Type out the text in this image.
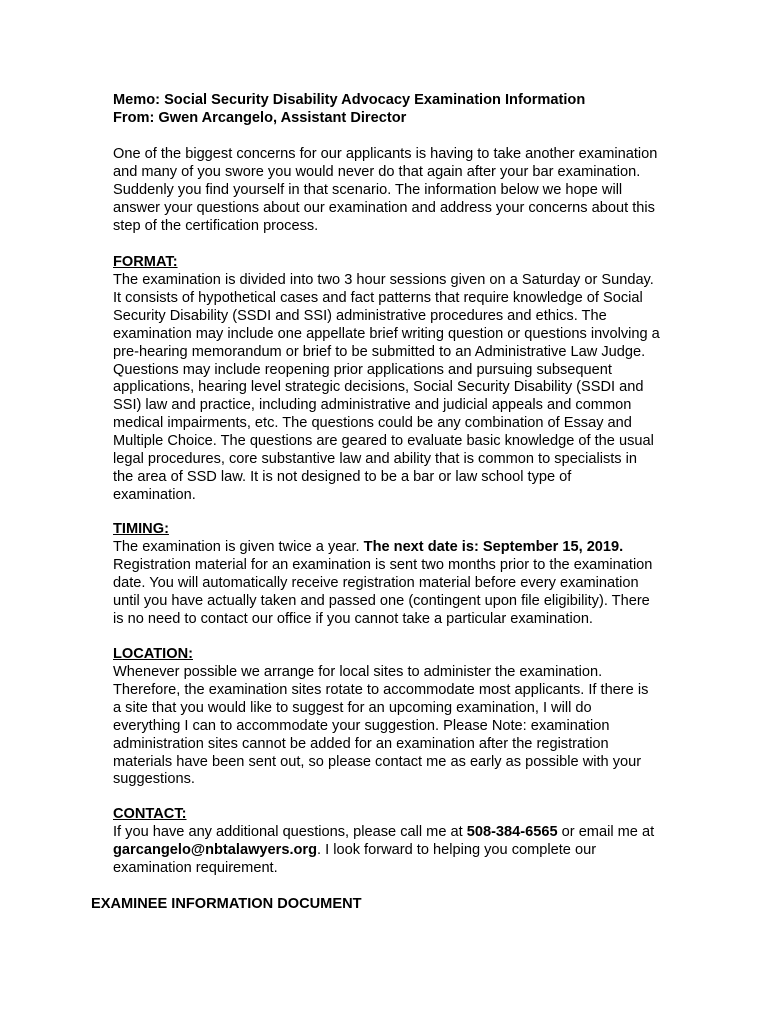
Memo: Social Security Disability Advocacy Examination Information
From: Gwen Arcangelo, Assistant Director
One of the biggest concerns for our applicants is having to take another examination
and many of you swore you would never do that again after your bar examination.
Suddenly you find yourself in that scenario. The information below we hope will
answer your questions about our examination and address your concerns about this
step of the certification process.
FORMAT:
The examination is divided into two 3 hour sessions given on a Saturday or Sunday.
It consists of hypothetical cases and fact patterns that require knowledge of Social
Security Disability (SSDI and SSI) administrative procedures and ethics. The
examination may include one appellate brief writing question or questions involving a
pre-hearing memorandum or brief to be submitted to an Administrative Law Judge.
Questions may include reopening prior applications and pursuing subsequent
applications, hearing level strategic decisions, Social Security Disability (SSDI and
SSI) law and practice, including administrative and judicial appeals and common
medical impairments, etc. The questions could be any combination of Essay and
Multiple Choice. The questions are geared to evaluate basic knowledge of the usual
legal procedures, core substantive law and ability that is common to specialists in
the area of SSD law. It is not designed to be a bar or law school type of
examination.
TIMING:
The examination is given twice a year. The next date is: September 15, 2019.
Registration material for an examination is sent two months prior to the examination
date. You will automatically receive registration material before every examination
until you have actually taken and passed one (contingent upon file eligibility). There
is no need to contact our office if you cannot take a particular examination.
LOCATION:
Whenever possible we arrange for local sites to administer the examination.
Therefore, the examination sites rotate to accommodate most applicants. If there is
a site that you would like to suggest for an upcoming examination, I will do
everything I can to accommodate your suggestion. Please Note: examination
administration sites cannot be added for an examination after the registration
materials have been sent out, so please contact me as early as possible with your
suggestions.
CONTACT:
If you have any additional questions, please call me at 508-384-6565 or email me at
garcangelo@nbtalawyers.org. I look forward to helping you complete our
examination requirement.
EXAMINEE INFORMATION DOCUMENT
